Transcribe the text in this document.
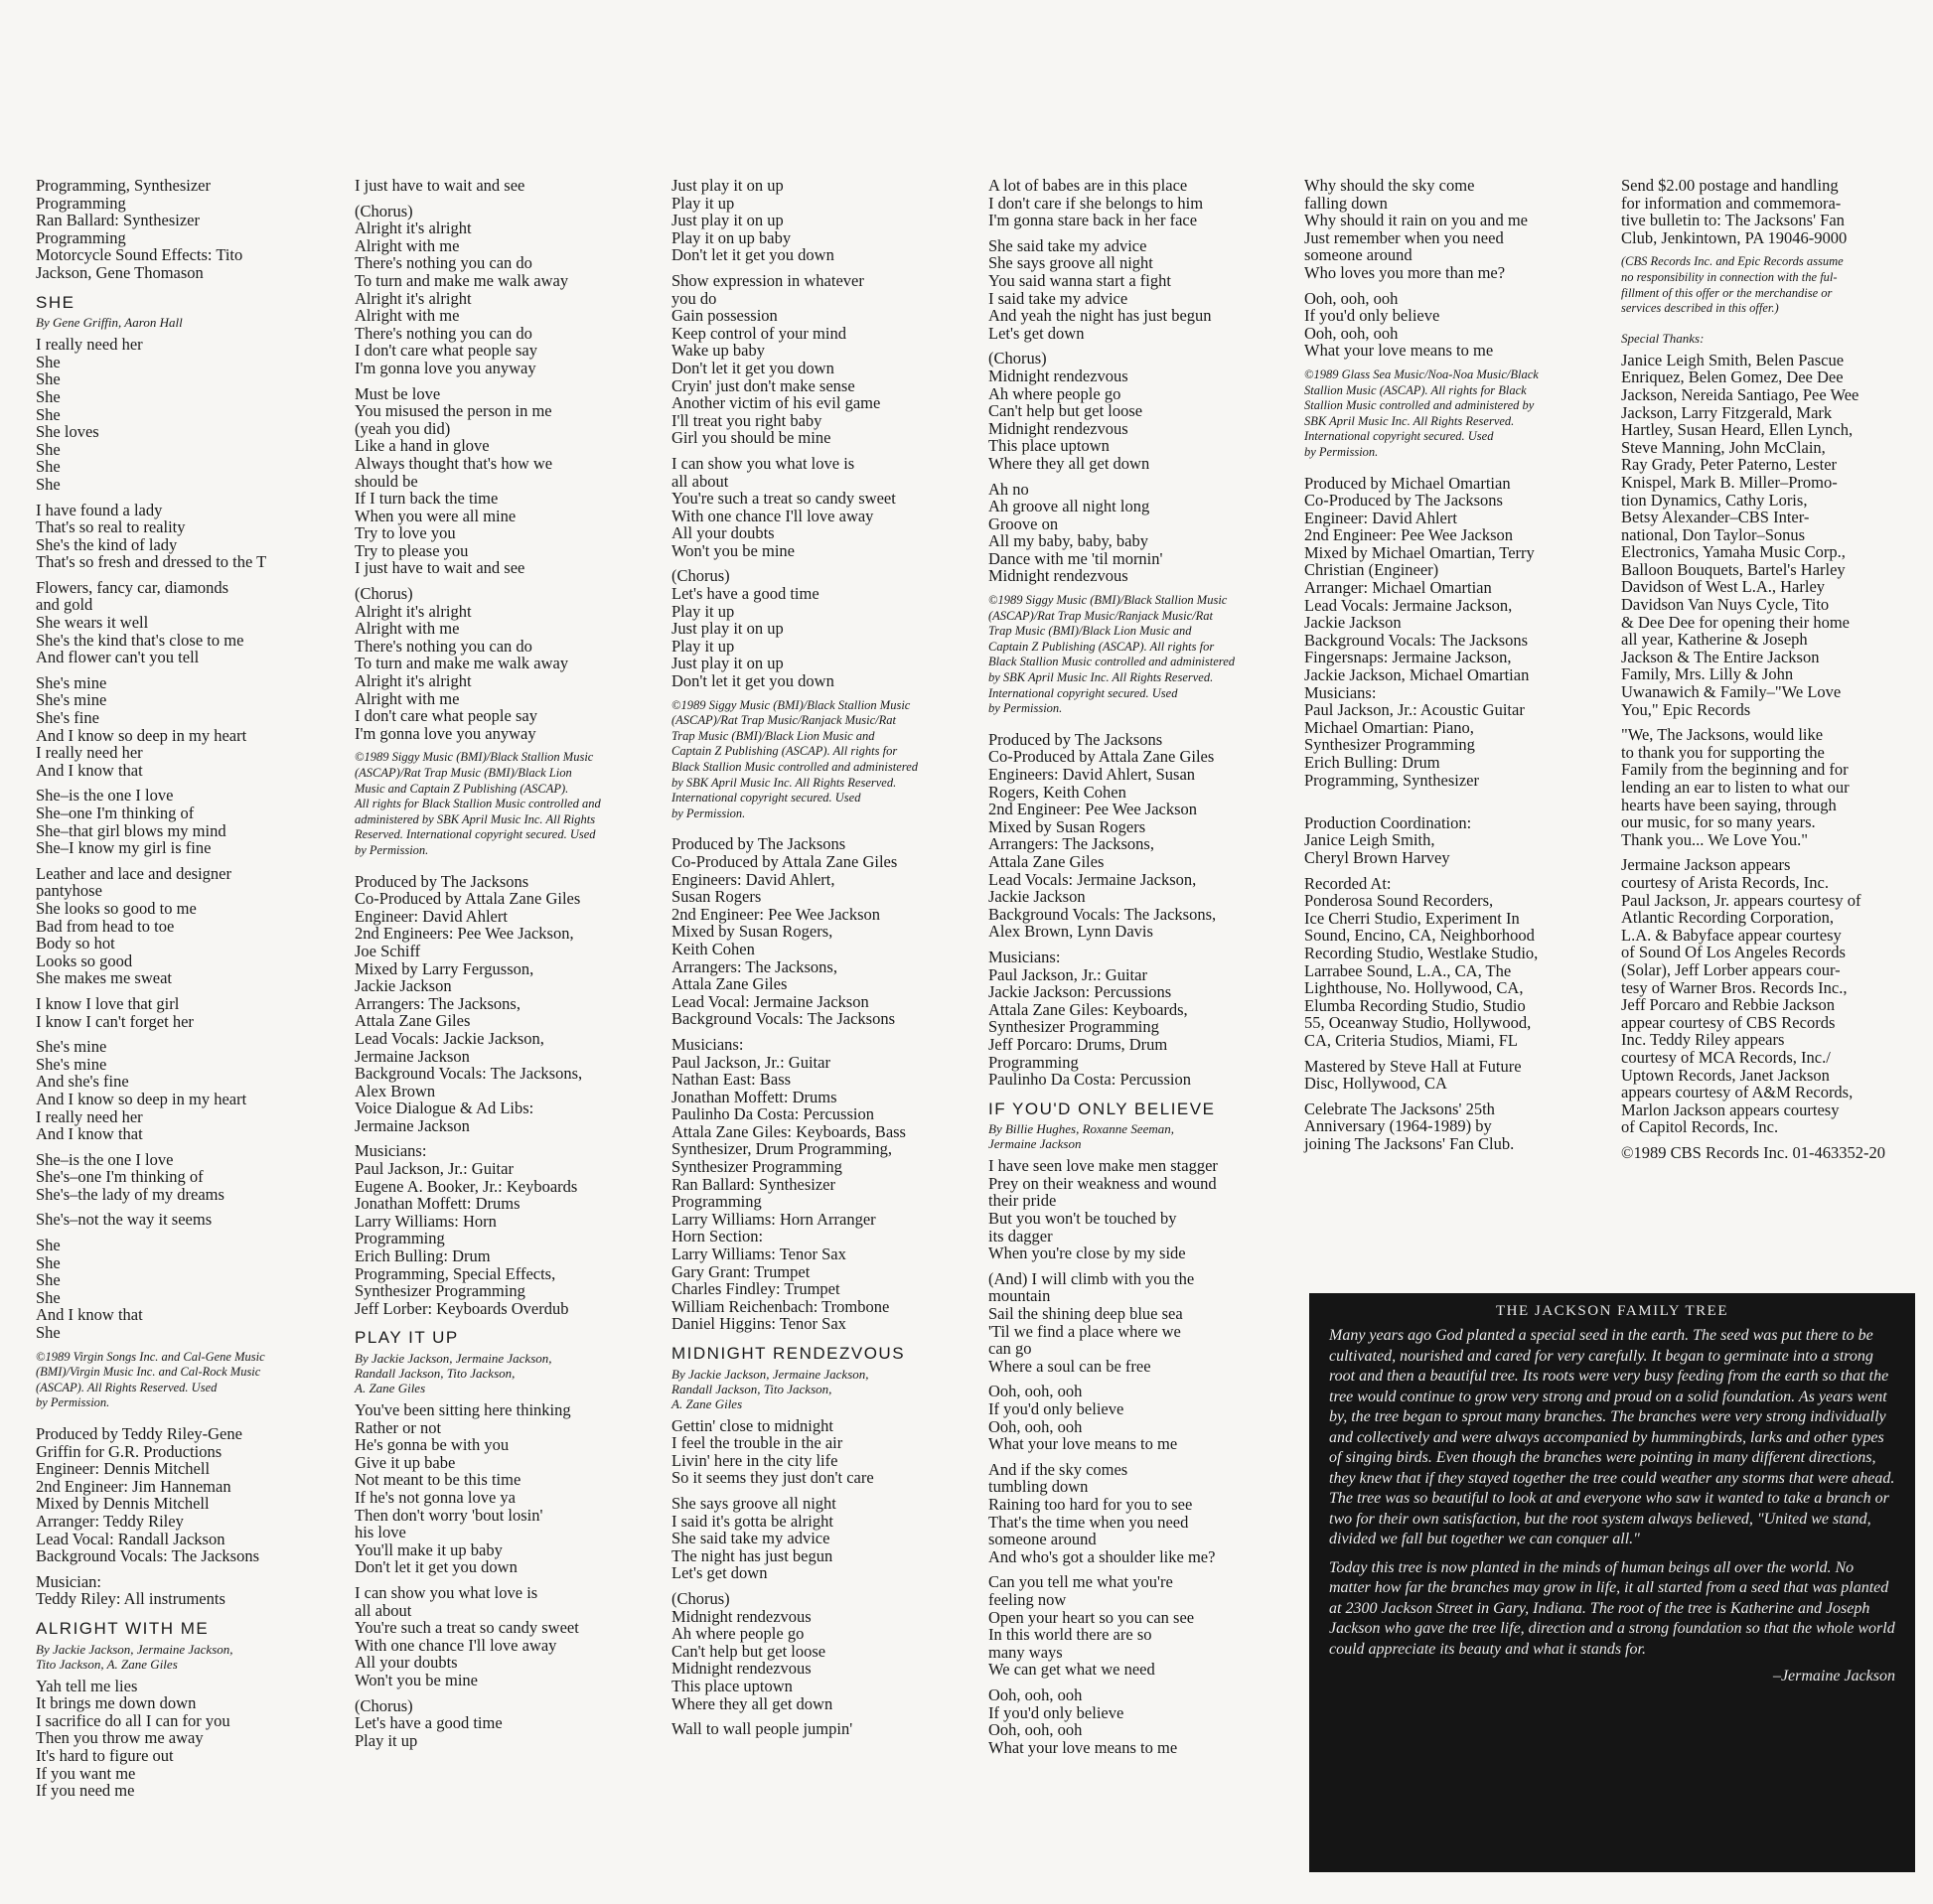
Programming, Synthesizer
Programming
Ran Ballard: Synthesizer
Programming
Motorcycle Sound Effects: Tito
Jackson, Gene Thomason
SHE
By Gene Griffin, Aaron Hall
I really need her
She
She
She
She
She loves
She
She
She
I have found a lady
That's so real to reality
She's the kind of lady
That's so fresh and dressed to the T
Flowers, fancy car, diamonds
and gold
She wears it well
She's the kind that's close to me
And flower can't you tell
She's mine
She's mine
She's fine
And I know so deep in my heart
I really need her
And I know that
She–is the one I love
She–one I'm thinking of
She–that girl blows my mind
She–I know my girl is fine
Leather and lace and designer
pantyhose
She looks so good to me
Bad from head to toe
Body so hot
Looks so good
She makes me sweat
I know I love that girl
I know I can't forget her
She's mine
She's mine
And she's fine
And I know so deep in my heart
I really need her
And I know that
She–is the one I love
She's–one I'm thinking of
She's–the lady of my dreams
She's–not the way it seems
She
She
She
She
And I know that
She
©1989 Virgin Songs Inc. and Cal-Gene Music
(BMI)/Virgin Music Inc. and Cal-Rock Music
(ASCAP). All Rights Reserved. Used
by Permission.
Produced by Teddy Riley-Gene
Griffin for G.R. Productions
Engineer: Dennis Mitchell
2nd Engineer: Jim Hanneman
Mixed by Dennis Mitchell
Arranger: Teddy Riley
Lead Vocal: Randall Jackson
Background Vocals: The Jacksons
Musician:
Teddy Riley: All instruments
ALRIGHT WITH ME
By Jackie Jackson, Jermaine Jackson,
Tito Jackson, A. Zane Giles
Yah tell me lies
It brings me down down
I sacrifice do all I can for you
Then you throw me away
It's hard to figure out
If you want me
If you need me
I just have to wait and see
(Chorus)
Alright it's alright
Alright with me
There's nothing you can do
To turn and make me walk away
Alright it's alright
Alright with me
There's nothing you can do
I don't care what people say
I'm gonna love you anyway
Must be love
You misused the person in me
(yeah you did)
Like a hand in glove
Always thought that's how we
should be
If I turn back the time
When you were all mine
Try to love you
Try to please you
I just have to wait and see
(Chorus)
Alright it's alright
Alright with me
There's nothing you can do
To turn and make me walk away
Alright it's alright
Alright with me
I don't care what people say
I'm gonna love you anyway
©1989 Siggy Music (BMI)/Black Stallion Music
(ASCAP)/Rat Trap Music (BMI)/Black Lion
Music and Captain Z Publishing (ASCAP).
All rights for Black Stallion Music controlled and
administered by SBK April Music Inc. All Rights
Reserved. International copyright secured. Used
by Permission.
Produced by The Jacksons
Co-Produced by Attala Zane Giles
Engineer: David Ahlert
2nd Engineers: Pee Wee Jackson,
Joe Schiff
Mixed by Larry Fergusson,
Jackie Jackson
Arrangers: The Jacksons,
Attala Zane Giles
Lead Vocals: Jackie Jackson,
Jermaine Jackson
Background Vocals: The Jacksons,
Alex Brown
Voice Dialogue & Ad Libs:
Jermaine Jackson
Musicians:
Paul Jackson, Jr.: Guitar
Eugene A. Booker, Jr.: Keyboards
Jonathan Moffett: Drums
Larry Williams: Horn
Programming
Erich Bulling: Drum
Programming, Special Effects,
Synthesizer Programming
Jeff Lorber: Keyboards Overdub
PLAY IT UP
By Jackie Jackson, Jermaine Jackson,
Randall Jackson, Tito Jackson,
A. Zane Giles
You've been sitting here thinking
Rather or not
He's gonna be with you
Give it up babe
Not meant to be this time
If he's not gonna love ya
Then don't worry 'bout losin'
his love
You'll make it up baby
Don't let it get you down
I can show you what love is
all about
You're such a treat so candy sweet
With one chance I'll love away
All your doubts
Won't you be mine
(Chorus)
Let's have a good time
Play it up
Just play it on up
Play it up
Just play it on up
Play it on up baby
Don't let it get you down
Show expression in whatever
you do
Gain possession
Keep control of your mind
Wake up baby
Don't let it get you down
Cryin' just don't make sense
Another victim of his evil game
I'll treat you right baby
Girl you should be mine
I can show you what love is
all about
You're such a treat so candy sweet
With one chance I'll love away
All your doubts
Won't you be mine
(Chorus)
Let's have a good time
Play it up
Just play it on up
Play it up
Just play it on up
Don't let it get you down
©1989 Siggy Music (BMI)/Black Stallion Music
(ASCAP)/Rat Trap Music/Ranjack Music/Rat
Trap Music (BMI)/Black Lion Music and
Captain Z Publishing (ASCAP). All rights for
Black Stallion Music controlled and administered
by SBK April Music Inc. All Rights Reserved.
International copyright secured. Used
by Permission.
Produced by The Jacksons
Co-Produced by Attala Zane Giles
Engineers: David Ahlert,
Susan Rogers
2nd Engineer: Pee Wee Jackson
Mixed by Susan Rogers,
Keith Cohen
Arrangers: The Jacksons,
Attala Zane Giles
Lead Vocal: Jermaine Jackson
Background Vocals: The Jacksons
Musicians:
Paul Jackson, Jr.: Guitar
Nathan East: Bass
Jonathan Moffett: Drums
Paulinho Da Costa: Percussion
Attala Zane Giles: Keyboards, Bass
Synthesizer, Drum Programming,
Synthesizer Programming
Ran Ballard: Synthesizer
Programming
Larry Williams: Horn Arranger
Horn Section:
Larry Williams: Tenor Sax
Gary Grant: Trumpet
Charles Findley: Trumpet
William Reichenbach: Trombone
Daniel Higgins: Tenor Sax
MIDNIGHT RENDEZVOUS
By Jackie Jackson, Jermaine Jackson,
Randall Jackson, Tito Jackson,
A. Zane Giles
Gettin' close to midnight
I feel the trouble in the air
Livin' here in the city life
So it seems they just don't care
She says groove all night
I said it's gotta be alright
She said take my advice
The night has just begun
Let's get down
(Chorus)
Midnight rendezvous
Ah where people go
Can't help but get loose
Midnight rendezvous
This place uptown
Where they all get down
Wall to wall people jumpin'
A lot of babes are in this place
I don't care if she belongs to him
I'm gonna stare back in her face
She said take my advice
She says groove all night
You said wanna start a fight
I said take my advice
And yeah the night has just begun
Let's get down
(Chorus)
Midnight rendezvous
Ah where people go
Can't help but get loose
Midnight rendezvous
This place uptown
Where they all get down
Ah no
Ah groove all night long
Groove on
All my baby, baby, baby
Dance with me 'til mornin'
Midnight rendezvous
©1989 Siggy Music (BMI)/Black Stallion Music
(ASCAP)/Rat Trap Music/Ranjack Music/Rat
Trap Music (BMI)/Black Lion Music and
Captain Z Publishing (ASCAP). All rights for
Black Stallion Music controlled and administered
by SBK April Music Inc. All Rights Reserved.
International copyright secured. Used
by Permission.
Produced by The Jacksons
Co-Produced by Attala Zane Giles
Engineers: David Ahlert, Susan
Rogers, Keith Cohen
2nd Engineer: Pee Wee Jackson
Mixed by Susan Rogers
Arrangers: The Jacksons,
Attala Zane Giles
Lead Vocals: Jermaine Jackson,
Jackie Jackson
Background Vocals: The Jacksons,
Alex Brown, Lynn Davis
Musicians:
Paul Jackson, Jr.: Guitar
Jackie Jackson: Percussions
Attala Zane Giles: Keyboards,
Synthesizer Programming
Jeff Porcaro: Drums, Drum
Programming
Paulinho Da Costa: Percussion
IF YOU'D ONLY BELIEVE
By Billie Hughes, Roxanne Seeman,
Jermaine Jackson
I have seen love make men stagger
Prey on their weakness and wound
their pride
But you won't be touched by
its dagger
When you're close by my side
(And) I will climb with you the
mountain
Sail the shining deep blue sea
'Til we find a place where we
can go
Where a soul can be free
Ooh, ooh, ooh
If you'd only believe
Ooh, ooh, ooh
What your love means to me
And if the sky comes
tumbling down
Raining too hard for you to see
That's the time when you need
someone around
And who's got a shoulder like me?
Can you tell me what you're
feeling now
Open your heart so you can see
In this world there are so
many ways
We can get what we need
Ooh, ooh, ooh
If you'd only believe
Ooh, ooh, ooh
What your love means to me
Why should the sky come
falling down
Why should it rain on you and me
Just remember when you need
someone around
Who loves you more than me?
Ooh, ooh, ooh
If you'd only believe
Ooh, ooh, ooh
What your love means to me
©1989 Glass Sea Music/Noa-Noa Music/Black
Stallion Music (ASCAP). All rights for Black
Stallion Music controlled and administered by
SBK April Music Inc. All Rights Reserved.
International copyright secured. Used
by Permission.
Produced by Michael Omartian
Co-Produced by The Jacksons
Engineer: David Ahlert
2nd Engineer: Pee Wee Jackson
Mixed by Michael Omartian, Terry
Christian (Engineer)
Arranger: Michael Omartian
Lead Vocals: Jermaine Jackson,
Jackie Jackson
Background Vocals: The Jacksons
Fingersnaps: Jermaine Jackson,
Jackie Jackson, Michael Omartian
Musicians:
Paul Jackson, Jr.: Acoustic Guitar
Michael Omartian: Piano,
Synthesizer Programming
Erich Bulling: Drum
Programming, Synthesizer

Production Coordination:
Janice Leigh Smith,
Cheryl Brown Harvey
Recorded At:
Ponderosa Sound Recorders,
Ice Cherri Studio, Experiment In
Sound, Encino, CA, Neighborhood
Recording Studio, Westlake Studio,
Larrabee Sound, L.A., CA, The
Lighthouse, No. Hollywood, CA,
Elumba Recording Studio, Studio
55, Oceanway Studio, Hollywood,
CA, Criteria Studios, Miami, FL
Mastered by Steve Hall at Future
Disc, Hollywood, CA
Celebrate The Jacksons' 25th
Anniversary (1964-1989) by
joining The Jacksons' Fan Club.
Send $2.00 postage and handling
for information and commemora-
tive bulletin to: The Jacksons' Fan
Club, Jenkintown, PA 19046-9000
(CBS Records Inc. and Epic Records assume
no responsibility in connection with the ful-
fillment of this offer or the merchandise or
services described in this offer.)
Special Thanks:
Janice Leigh Smith, Belen Pascue
Enriquez, Belen Gomez, Dee Dee
Jackson, Nereida Santiago, Pee Wee
Jackson, Larry Fitzgerald, Mark
Hartley, Susan Heard, Ellen Lynch,
Steve Manning, John McClain,
Ray Grady, Peter Paterno, Lester
Knispel, Mark B. Miller–Promo-
tion Dynamics, Cathy Loris,
Betsy Alexander–CBS Inter-
national, Don Taylor–Sonus
Electronics, Yamaha Music Corp.,
Balloon Bouquets, Bartel's Harley
Davidson of West L.A., Harley
Davidson Van Nuys Cycle, Tito
& Dee Dee for opening their home
all year, Katherine & Joseph
Jackson & The Entire Jackson
Family, Mrs. Lilly & John
Uwanawich & Family–"We Love
You," Epic Records
"We, The Jacksons, would like
to thank you for supporting the
Family from the beginning and for
lending an ear to listen to what our
hearts have been saying, through
our music, for so many years.
Thank you... We Love You."
Jermaine Jackson appears
courtesy of Arista Records, Inc.
Paul Jackson, Jr. appears courtesy of
Atlantic Recording Corporation,
L.A. & Babyface appear courtesy
of Sound Of Los Angeles Records
(Solar), Jeff Lorber appears cour-
tesy of Warner Bros. Records Inc.,
Jeff Porcaro and Rebbie Jackson
appear courtesy of CBS Records
Inc. Teddy Riley appears
courtesy of MCA Records, Inc./
Uptown Records, Janet Jackson
appears courtesy of A&M Records,
Marlon Jackson appears courtesy
of Capitol Records, Inc.
©1989 CBS Records Inc. 01-463352-20
THE JACKSON FAMILY TREE

Many years ago God planted a special seed in the earth. The seed was put there to be cultivated, nourished and cared for very carefully. It began to germinate into a strong root and then a beautiful tree. Its roots were very busy feeding from the earth so that the tree would continue to grow very strong and proud on a solid foundation. As years went by, the tree began to sprout many branches. The branches were very strong individually and collectively and were always accompanied by hummingbirds, larks and other types of singing birds. Even though the branches were pointing in many different directions, they knew that if they stayed together the tree could weather any storms that were ahead. The tree was so beautiful to look at and everyone who saw it wanted to take a branch or two for their own satisfaction, but the root system always believed, "United we stand, divided we fall but together we can conquer all."

Today this tree is now planted in the minds of human beings all over the world. No matter how far the branches may grow in life, it all started from a seed that was planted at 2300 Jackson Street in Gary, Indiana. The root of the tree is Katherine and Joseph Jackson who gave the tree life, direction and a strong foundation so that the whole world could appreciate its beauty and what it stands for.

–Jermaine Jackson
